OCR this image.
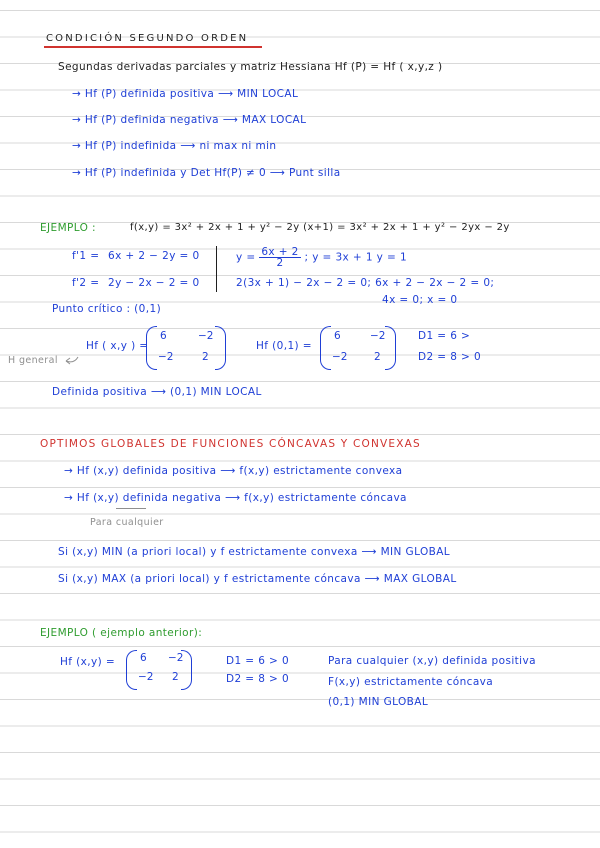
CONDICIÓN SEGUNDO ORDEN
Segundas derivadas parciales y matriz Hessiana Hf (P) = Hf ( x,y,z )
→ Hf (P) definida positiva ⟶ MIN LOCAL
→ Hf (P) definida negativa ⟶ MAX LOCAL
→ Hf (P) indefinida ⟶ ni max ni min
→ Hf (P) indefinida y Det Hf(P) ≠ 0 ⟶ Punt silla
EJEMPLO :	f(x,y) = 3x² + 2x + 1 + y² − 2y (x+1) = 3x² + 2x + 1 + y² − 2yx − 2y
f'1 = 6x + 2 − 2y = 0
f'2 = 2y − 2x − 2 = 0
$y = \frac{6x + 2}{2}$ ; y = 3x + 1 y = 1
2(3x + 1) − 2x − 2 = 0; 6x + 2 − 2x − 2 = 0;
4x = 0; x = 0
Punto crítico : (0,1)
H general
Hf ( x,y ) =
6	−2
−2	2
Hf (0,1) =
6	−2
−2	2
D1 = 6 >
D2 = 8 > 0
Definida positiva ⟶ (0,1) MIN LOCAL
OPTIMOS GLOBALES DE FUNCIONES CÓNCAVAS Y CONVEXAS
→ Hf (x,y) definida positiva ⟶ f(x,y) estrictamente convexa
→ Hf (x,y) definida negativa ⟶ f(x,y) estrictamente cóncava
Para cualquier
Si (x,y) MIN (a priori local) y f estrictamente convexa ⟶ MIN GLOBAL
Si (x,y) MAX (a priori local) y f estrictamente cóncava ⟶ MAX GLOBAL
EJEMPLO ( ejemplo anterior):
Hf (x,y) = 6 −2
−2 2
D1 = 6 > 0
D2 = 8 > 0
Para cualquier (x,y) definida positiva
F(x,y) estrictamente cóncava
(0,1) MIN GLOBAL
